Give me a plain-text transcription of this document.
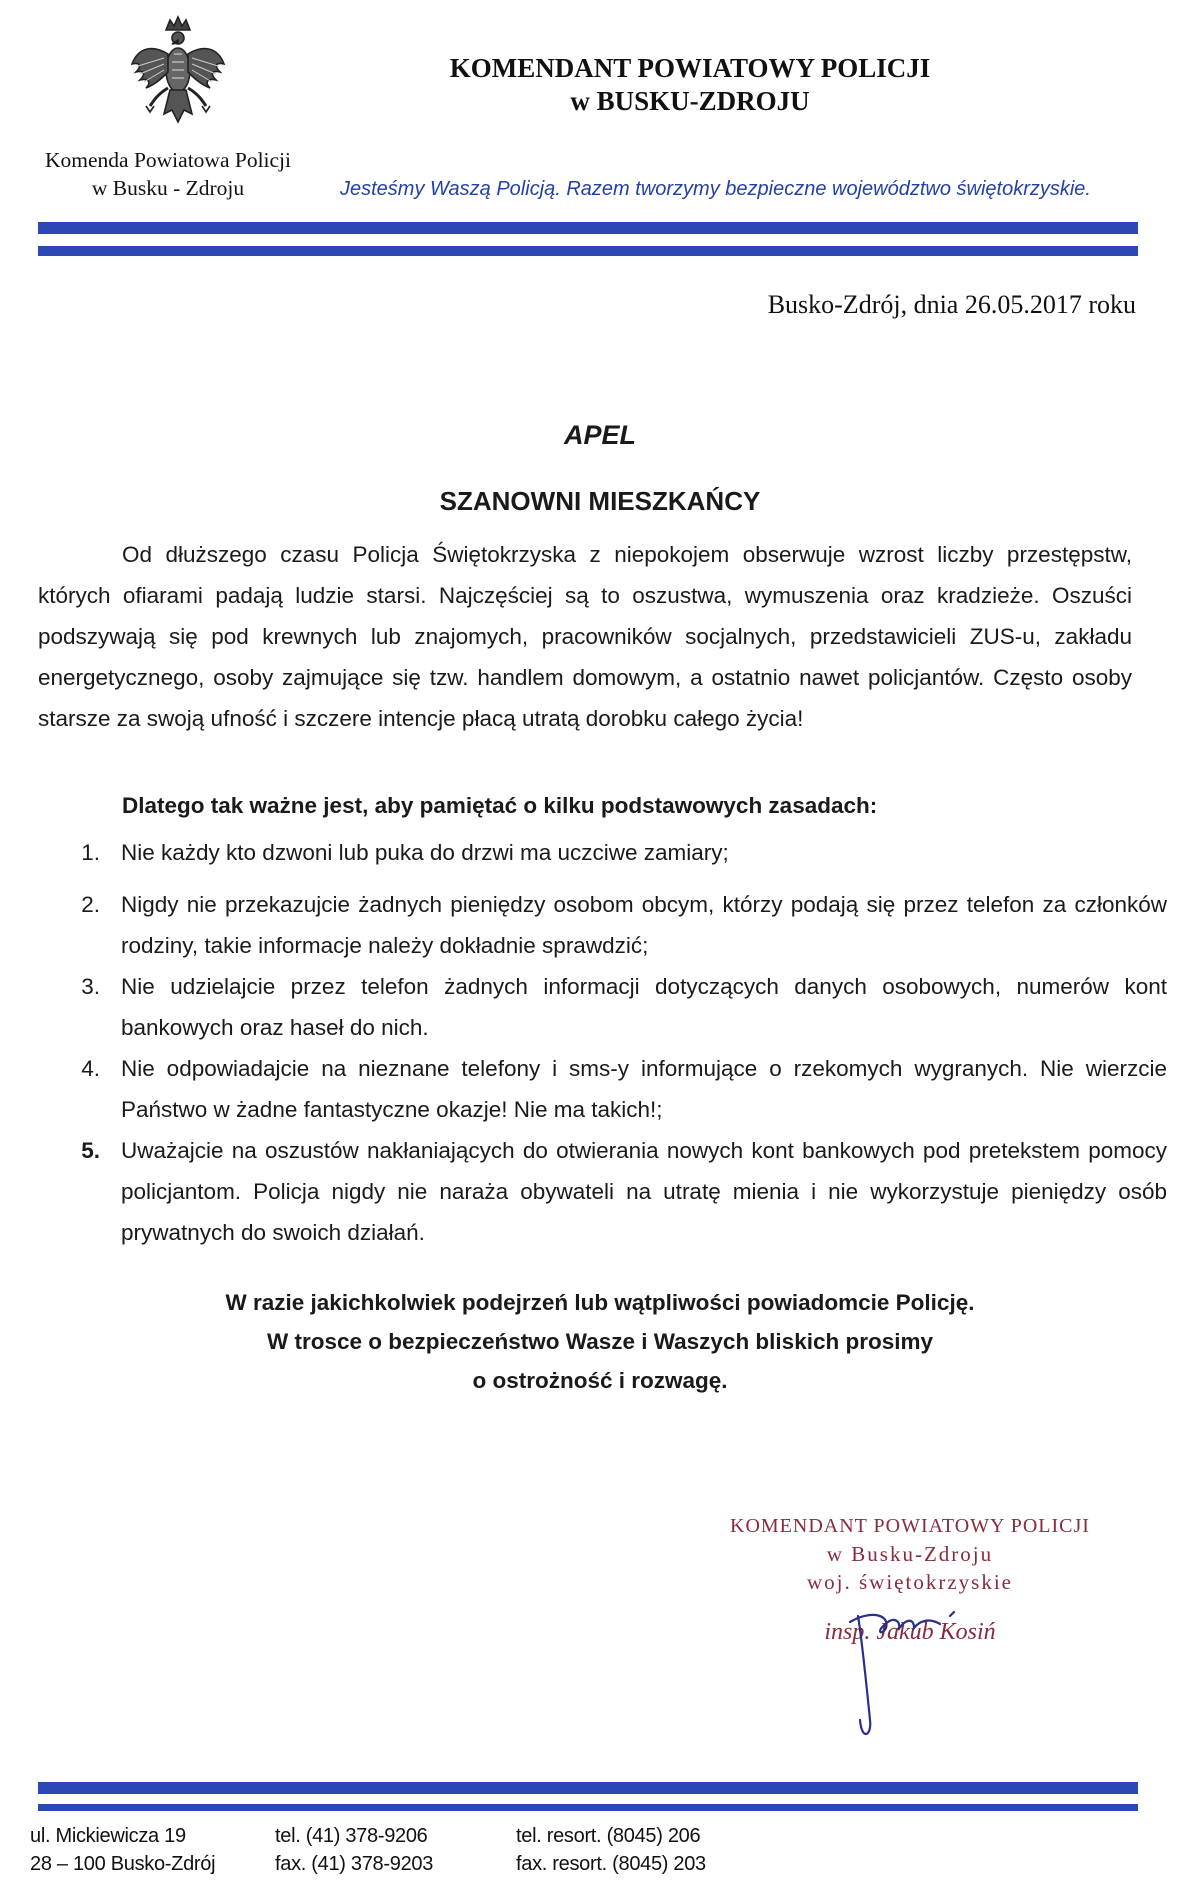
KOMENDANT POWIATOWY POLICJI
w BUSKU-ZDROJU
Komenda Powiatowa Policji
w Busku - Zdroju	Jesteśmy Waszą Policją. Razem tworzymy bezpieczne województwo świętokrzyskie.
Busko-Zdrój, dnia 26.05.2017 roku
APEL
SZANOWNI MIESZKAŃCY
Od dłuższego czasu Policja Świętokrzyska z niepokojem obserwuje wzrost liczby przestępstw, których ofiarami padają ludzie starsi. Najczęściej są to oszustwa, wymuszenia oraz kradzieże. Oszuści podszywają się pod krewnych lub znajomych, pracowników socjalnych, przedstawicieli ZUS-u, zakładu energetycznego, osoby zajmujące się tzw. handlem domowym, a ostatnio nawet policjantów. Często osoby starsze za swoją ufność i szczere intencje płacą utratą dorobku całego życia!
Dlatego tak ważne jest, aby pamiętać o kilku podstawowych zasadach:
1. Nie każdy kto dzwoni lub puka do drzwi ma uczciwe zamiary;
2. Nigdy nie przekazujcie żadnych pieniędzy osobom obcym, którzy podają się przez telefon za członków rodziny, takie informacje należy dokładnie sprawdzić;
3. Nie udzielajcie przez telefon żadnych informacji dotyczących danych osobowych, numerów kont bankowych oraz haseł do nich.
4. Nie odpowiadajcie na nieznane telefony i sms-y informujące o rzekomych wygranych. Nie wierzcie Państwo w żadne fantastyczne okazje! Nie ma takich!;
5. Uważajcie na oszustów nakłaniających do otwierania nowych kont bankowych pod pretekstem pomocy policjantom. Policja nigdy nie naraża obywateli na utratę mienia i nie wykorzystuje pieniędzy osób prywatnych do swoich działań.
W razie jakichkolwiek podejrzeń lub wątpliwości powiadomcie Policję.
W trosce o bezpieczeństwo Wasze i Waszych bliskich prosimy
o ostrożność i rozwagę.
KOMENDANT POWIATOWY POLICJI
w Busku-Zdroju
woj. świętokrzyskie
insp. Jakub Kosiń
ul. Mickiewicza 19
28 – 100 Busko-Zdrój
tel. (41) 378-9206
fax. (41) 378-9203
tel. resort. (8045) 206
fax. resort. (8045) 203
